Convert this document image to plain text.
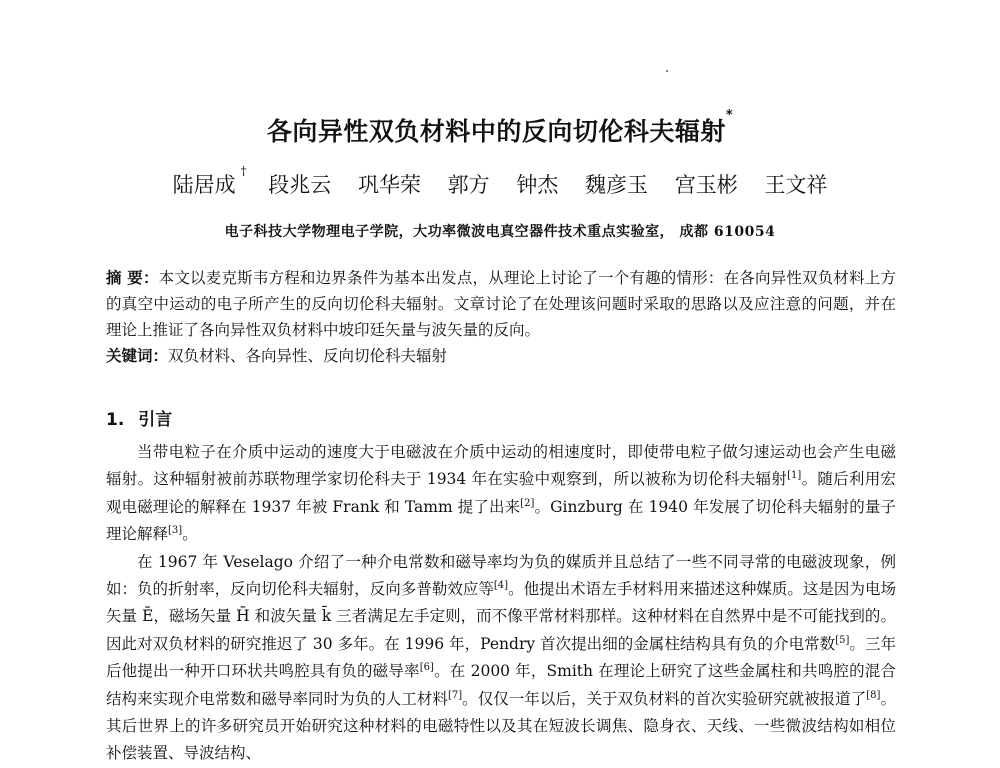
各向异性双负材料中的反向切伦科夫辐射*
陆居成† 段兆云 巩华荣 郭方 钟杰 魏彦玉 宫玉彬 王文祥
电子科技大学物理电子学院，大功率微波电真空器件技术重点实验室， 成都 610054
摘 要：本文以麦克斯韦方程和边界条件为基本出发点，从理论上讨论了一个有趣的情形：在各向异性双负材料上方的真空中运动的电子所产生的反向切伦科夫辐射。文章讨论了在处理该问题时采取的思路以及应注意的问题，并在理论上推证了各向异性双负材料中坡印廷矢量与波矢量的反向。
关键词：双负材料、各向异性、反向切伦科夫辐射
1. 引言

当带电粒子在介质中运动的速度大于电磁波在介质中运动的相速度时，即使带电粒子做匀速运动也会产生电磁辐射。这种辐射被前苏联物理学家切伦科夫于 1934 年在实验中观察到，所以被称为切伦科夫辐射[1]。随后利用宏观电磁理论的解释在 1937 年被 Frank 和 Tamm 提了出来[2]。Ginzburg 在 1940 年发展了切伦科夫辐射的量子理论解释[3]。

在 1967 年 Veselago 介绍了一种介电常数和磁导率均为负的媒质并且总结了一些不同寻常的电磁波现象，例如：负的折射率，反向切伦科夫辐射，反向多普勒效应等[4]。他提出术语左手材料用来描述这种媒质。这是因为电场矢量 Ē，磁场矢量 H̄ 和波矢量 k̄ 三者满足左手定则，而不像平常材料那样。这种材料在自然界中是不可能找到的。因此对双负材料的研究推迟了 30 多年。在 1996 年，Pendry 首次提出细的金属柱结构具有负的介电常数[5]。三年后他提出一种开口环状共鸣腔具有负的磁导率[6]。在 2000 年，Smith 在理论上研究了这些金属柱和共鸣腔的混合结构来实现介电常数和磁导率同时为负的人工材料[7]。仅仅一年以后，关于双负材料的首次实验研究就被报道了[8]。其后世界上的许多研究员开始研究这种材料的电磁特性以及其在短波长调焦、隐身衣、天线、一些微波结构如相位补偿装置、导波结构、
